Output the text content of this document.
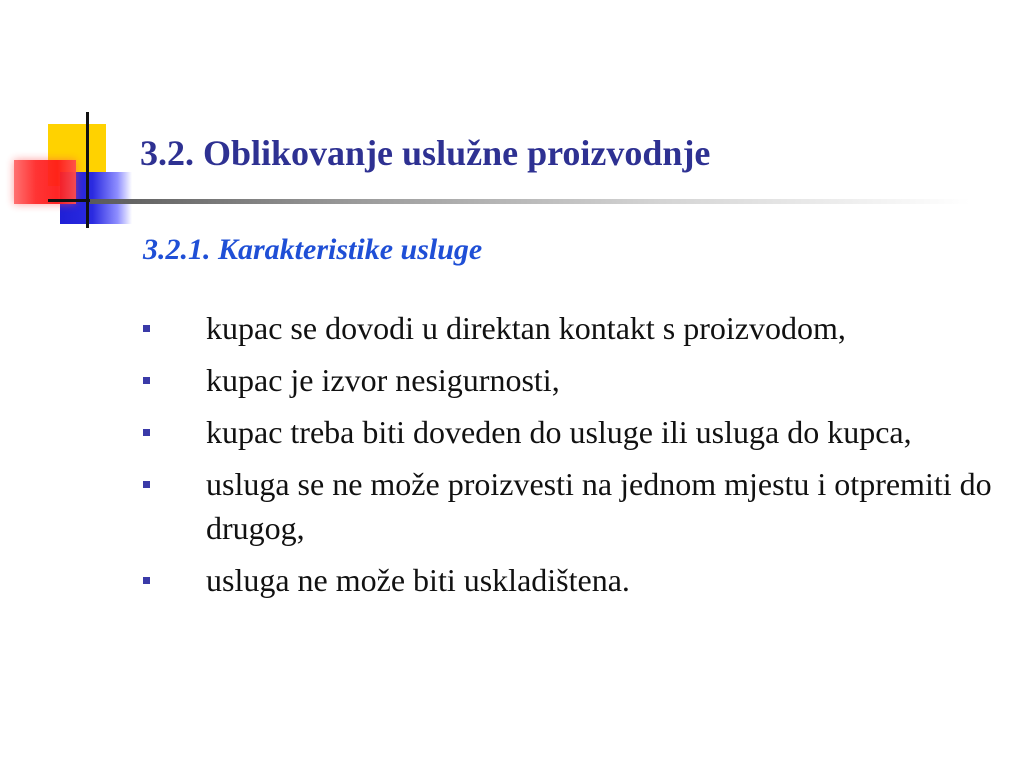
3.2. Oblikovanje uslužne proizvodnje
3.2.1. Karakteristike usluge
kupac se dovodi u direktan kontakt s proizvodom,
kupac je izvor nesigurnosti,
kupac treba biti doveden do usluge ili usluga do kupca,
usluga se ne može proizvesti na jednom mjestu i otpremiti do drugog,
usluga ne može biti uskladištena.
